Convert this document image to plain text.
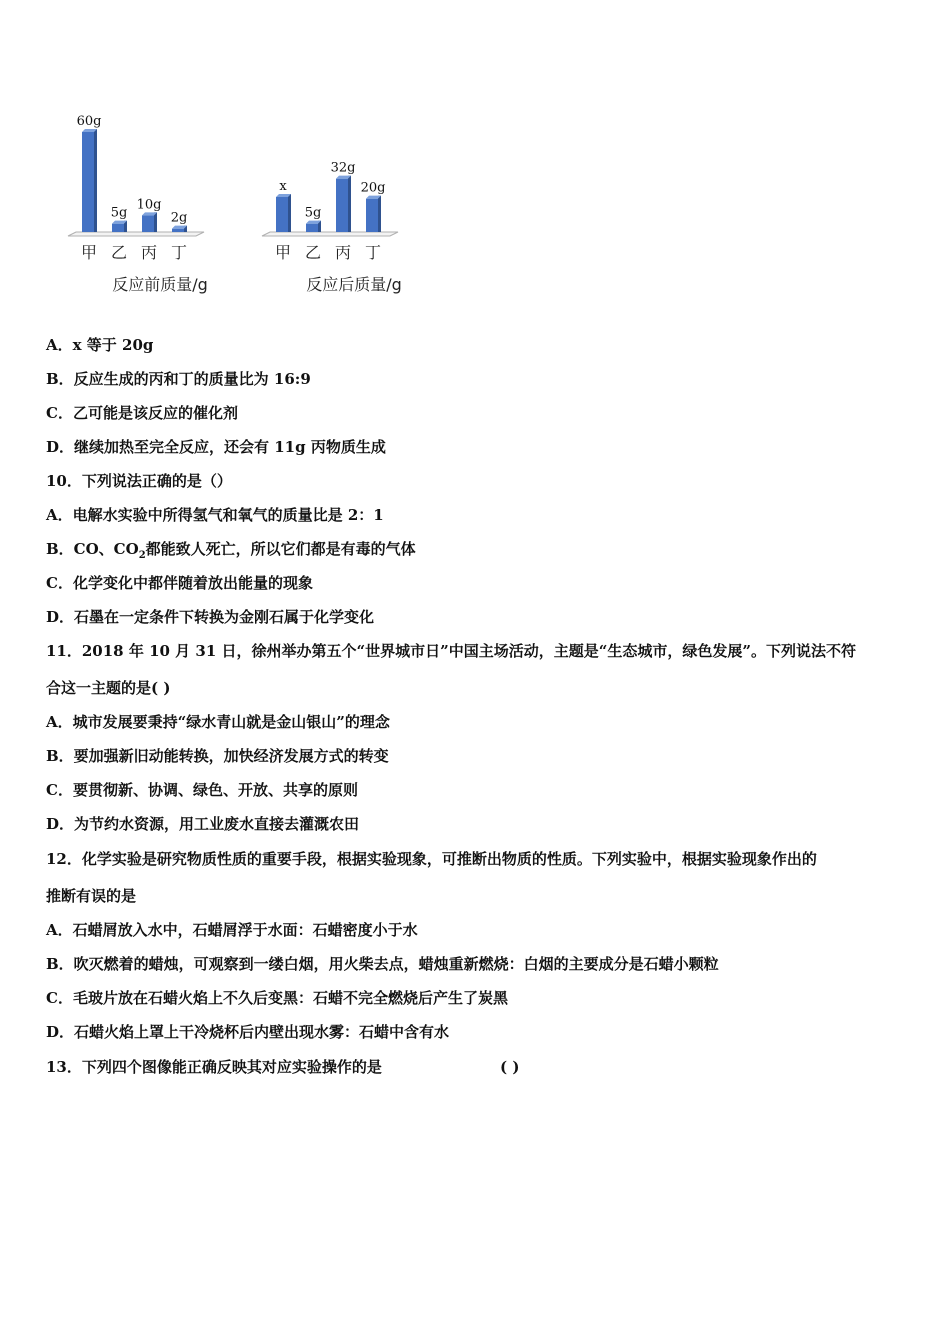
60g
甲
5g
乙
10g
丙
2g
丁
反应前质量/g
x
甲
5g
乙
32g
丙
20g
丁
反应后质量/g
A．x 等于 20g
B．反应生成的丙和丁的质量比为 16:9
C．乙可能是该反应的催化剂
D．继续加热至完全反应，还会有 11g 丙物质生成
10．下列说法正确的是（）
A．电解水实验中所得氢气和氧气的质量比是 2：1
B．CO、$CO_2$都能致人死亡，所以它们都是有毒的气体
C．化学变化中都伴随着放出能量的现象
D．石墨在一定条件下转换为金刚石属于化学变化
11．2018 年 10 月 31 日，徐州举办第五个“世界城市日”中国主场活动，主题是“生态城市，绿色发展”。下列说法不符
合这一主题的是( )
A．城市发展要秉持“绿水青山就是金山银山”的理念
B．要加强新旧动能转换，加快经济发展方式的转变
C．要贯彻新、协调、绿色、开放、共享的原则
D．为节约水资源，用工业废水直接去灌溉农田
12．化学实验是研究物质性质的重要手段，根据实验现象，可推断出物质的性质。下列实验中，根据实验现象作出的
推断有误的是
A．石蜡屑放入水中，石蜡屑浮于水面：石蜡密度小于水
B．吹灭燃着的蜡烛，可观察到一缕白烟，用火柴去点，蜡烛重新燃烧：白烟的主要成分是石蜡小颗粒
C．毛玻片放在石蜡火焰上不久后变黑：石蜡不完全燃烧后产生了炭黑
D．石蜡火焰上罩上干冷烧杯后内壁出现水雾：石蜡中含有水
13．下列四个图像能正确反映其对应实验操作的是	( )
